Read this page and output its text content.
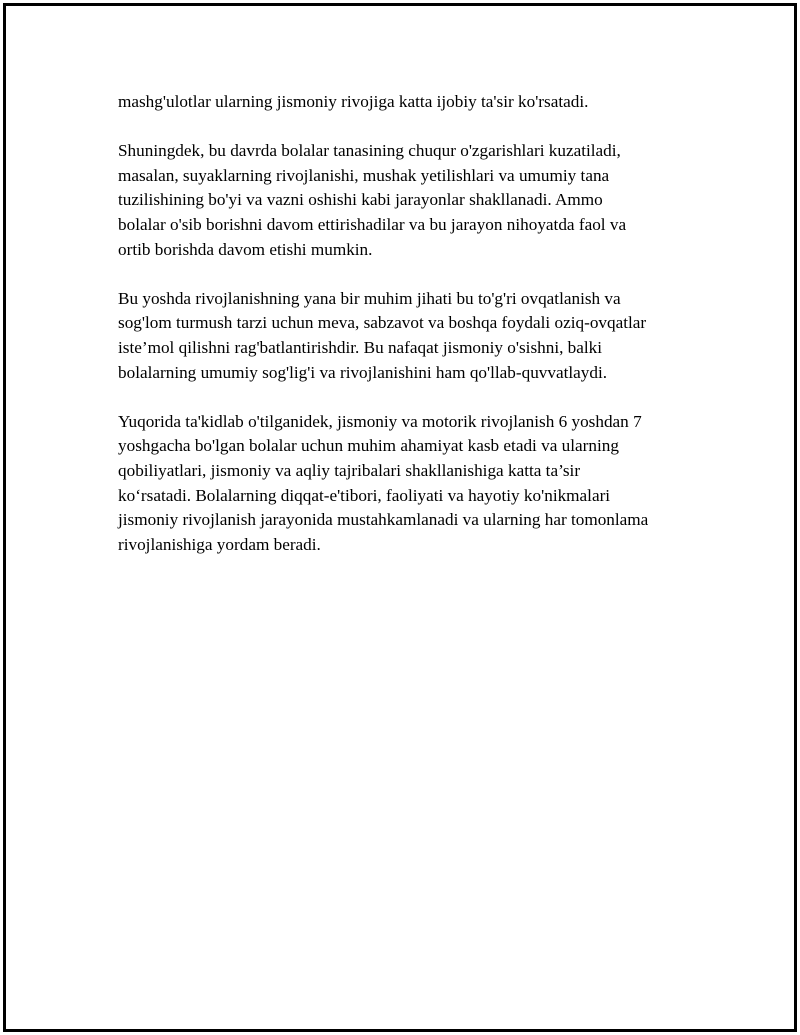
mashg'ulotlar ularning jismoniy rivojiga katta ijobiy ta'sir ko'rsatadi.

Shuningdek, bu davrda bolalar tanasining chuqur o'zgarishlari kuzatiladi,
masalan, suyaklarning rivojlanishi, mushak yetilishlari va umumiy tana
tuzilishining bo'yi va vazni oshishi kabi jarayonlar shakllanadi. Ammo
bolalar o'sib borishni davom ettirishadilar va bu jarayon nihoyatda faol va
ortib borishda davom etishi mumkin.

Bu yoshda rivojlanishning yana bir muhim jihati bu to'g'ri ovqatlanish va
sog'lom turmush tarzi uchun meva, sabzavot va boshqa foydali oziq-ovqatlar
iste’mol qilishni rag'batlantirishdir. Bu nafaqat jismoniy o'sishni, balki
bolalarning umumiy sog'lig'i va rivojlanishini ham qo'llab-quvvatlaydi.

Yuqorida ta'kidlab o'tilganidek, jismoniy va motorik rivojlanish 6 yoshdan 7
yoshgacha bo'lgan bolalar uchun muhim ahamiyat kasb etadi va ularning
qobiliyatlari, jismoniy va aqliy tajribalari shakllanishiga katta ta’sir
ko‘rsatadi. Bolalarning diqqat-e'tibori, faoliyati va hayotiy ko'nikmalari
jismoniy rivojlanish jarayonida mustahkamlanadi va ularning har tomonlama
rivojlanishiga yordam beradi.
